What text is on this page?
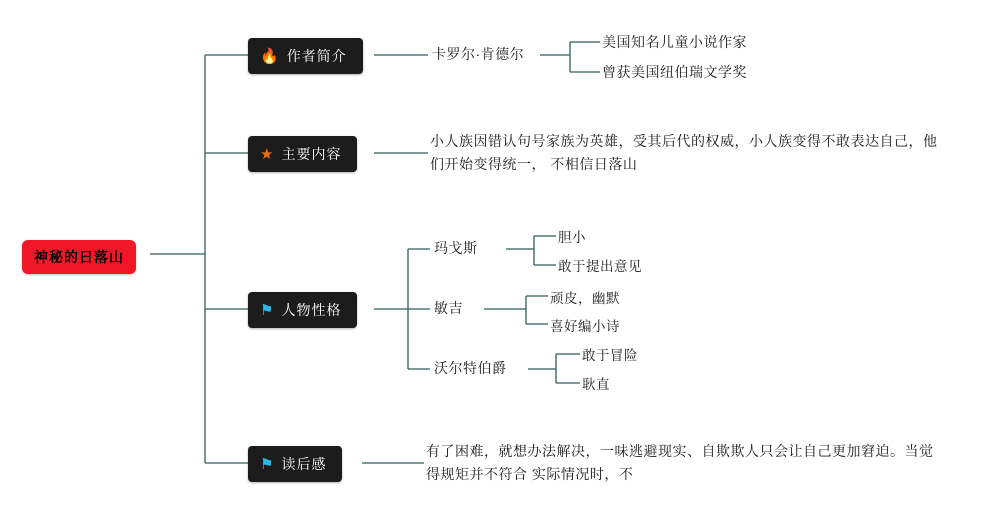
神秘的日落山
🔥 作者简介
★ 主要内容
⚑ 人物性格
⚑ 读后感
卡罗尔·肯德尔
美国知名儿童小说作家
曾获美国纽伯瑞文学奖
小人族因错认句号家族为英雄，受其后代的权威，小人族变得不敢表达自己，他们开始变得统一， 不相信日落山
玛戈斯
胆小
敢于提出意见
敏吉
顽皮，幽默
喜好编小诗
沃尔特伯爵
敢于冒险
耿直
有了困难，就想办法解决，一味逃避现实、自欺欺人只会让自己更加窘迫。当觉得规矩并不符合 实际情况时，不
